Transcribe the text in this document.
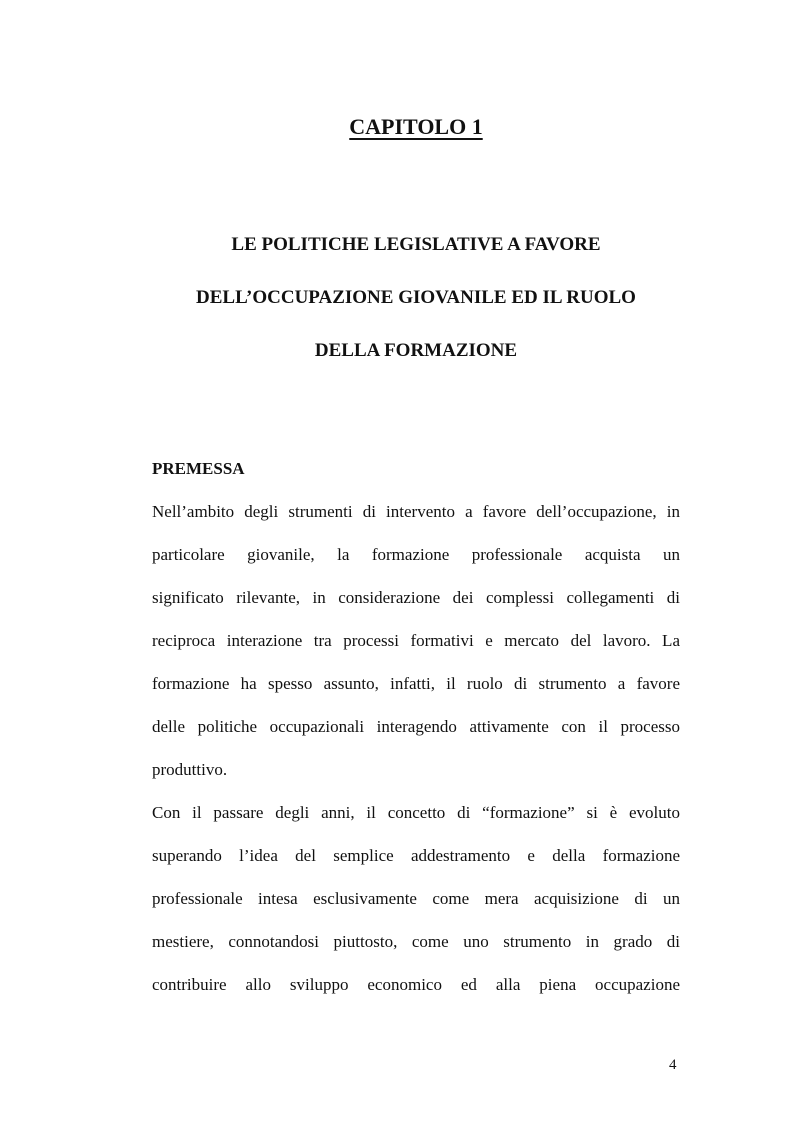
CAPITOLO 1
LE POLITICHE LEGISLATIVE A FAVORE
DELL’OCCUPAZIONE GIOVANILE ED IL RUOLO
DELLA FORMAZIONE
PREMESSA
Nell’ambito degli strumenti di intervento a favore dell’occupazione, in
particolare giovanile, la formazione professionale acquista un
significato rilevante, in considerazione dei complessi collegamenti di
reciproca interazione tra processi formativi e mercato del lavoro. La
formazione ha spesso assunto, infatti, il ruolo di strumento a favore
delle politiche occupazionali interagendo attivamente con il processo
produttivo.
Con il passare degli anni, il concetto di “formazione” si è evoluto
superando l’idea del semplice addestramento e della formazione
professionale intesa esclusivamente come mera acquisizione di un
mestiere, connotandosi piuttosto, come uno strumento in grado di
contribuire allo sviluppo economico ed alla piena occupazione
4
